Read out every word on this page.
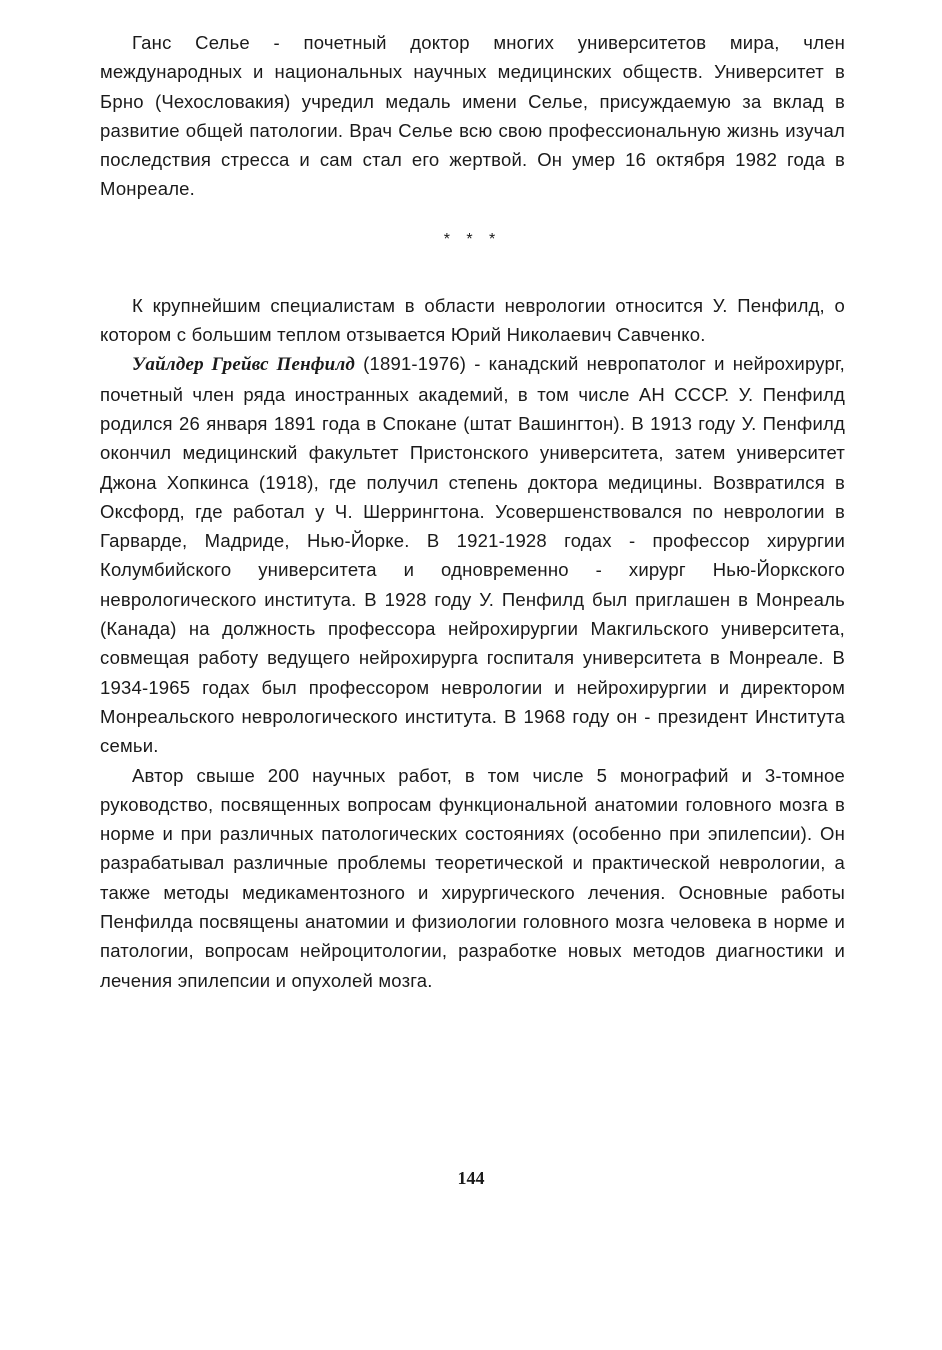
Ганс Селье - почетный доктор многих университетов мира, член международных и национальных научных медицинских обществ. Университет в Брно (Чехословакия) учредил медаль имени Селье, присуждаемую за вклад в развитие общей патологии. Врач Селье всю свою профессиональную жизнь изучал последствия стресса и сам стал его жертвой. Он умер 16 октября 1982 года в Монреале.

* * *

К крупнейшим специалистам в области неврологии относится У. Пенфилд, о котором с большим теплом отзывается Юрий Николаевич Савченко.

Уайлдер Грейвс Пенфилд (1891-1976) - канадский невропатолог и нейрохирург, почетный член ряда иностранных академий, в том числе АН СССР. У. Пенфилд родился 26 января 1891 года в Спокане (штат Вашингтон). В 1913 году У. Пенфилд окончил медицинский факультет Пристонского университета, затем университет Джона Хопкинса (1918), где получил степень доктора медицины. Возвратился в Оксфорд, где работал у Ч. Шеррингтона. Усовершенствовался по неврологии в Гарварде, Мадриде, Нью-Йорке. В 1921-1928 годах - профессор хирургии Колумбийского университета и одновременно - хирург Нью-Йоркского неврологического института. В 1928 году У. Пенфилд был приглашен в Монреаль (Канада) на должность профессора нейрохирургии Макгильского университета, совмещая работу ведущего нейрохирурга госпиталя университета в Монреале. В 1934-1965 годах был профессором неврологии и нейрохирургии и директором Монреальского неврологического института. В 1968 году он - президент Института семьи.

Автор свыше 200 научных работ, в том числе 5 монографий и 3-томное руководство, посвященных вопросам функциональной анатомии головного мозга в норме и при различных патологических состояниях (особенно при эпилепсии). Он разрабатывал различные проблемы теоретической и практической неврологии, а также методы медикаментозного и хирургического лечения. Основные работы Пенфилда посвящены анатомии и физиологии головного мозга человека в норме и патологии, вопросам нейроцитологии, разработке новых методов диагностики и лечения эпилепсии и опухолей мозга.

144
